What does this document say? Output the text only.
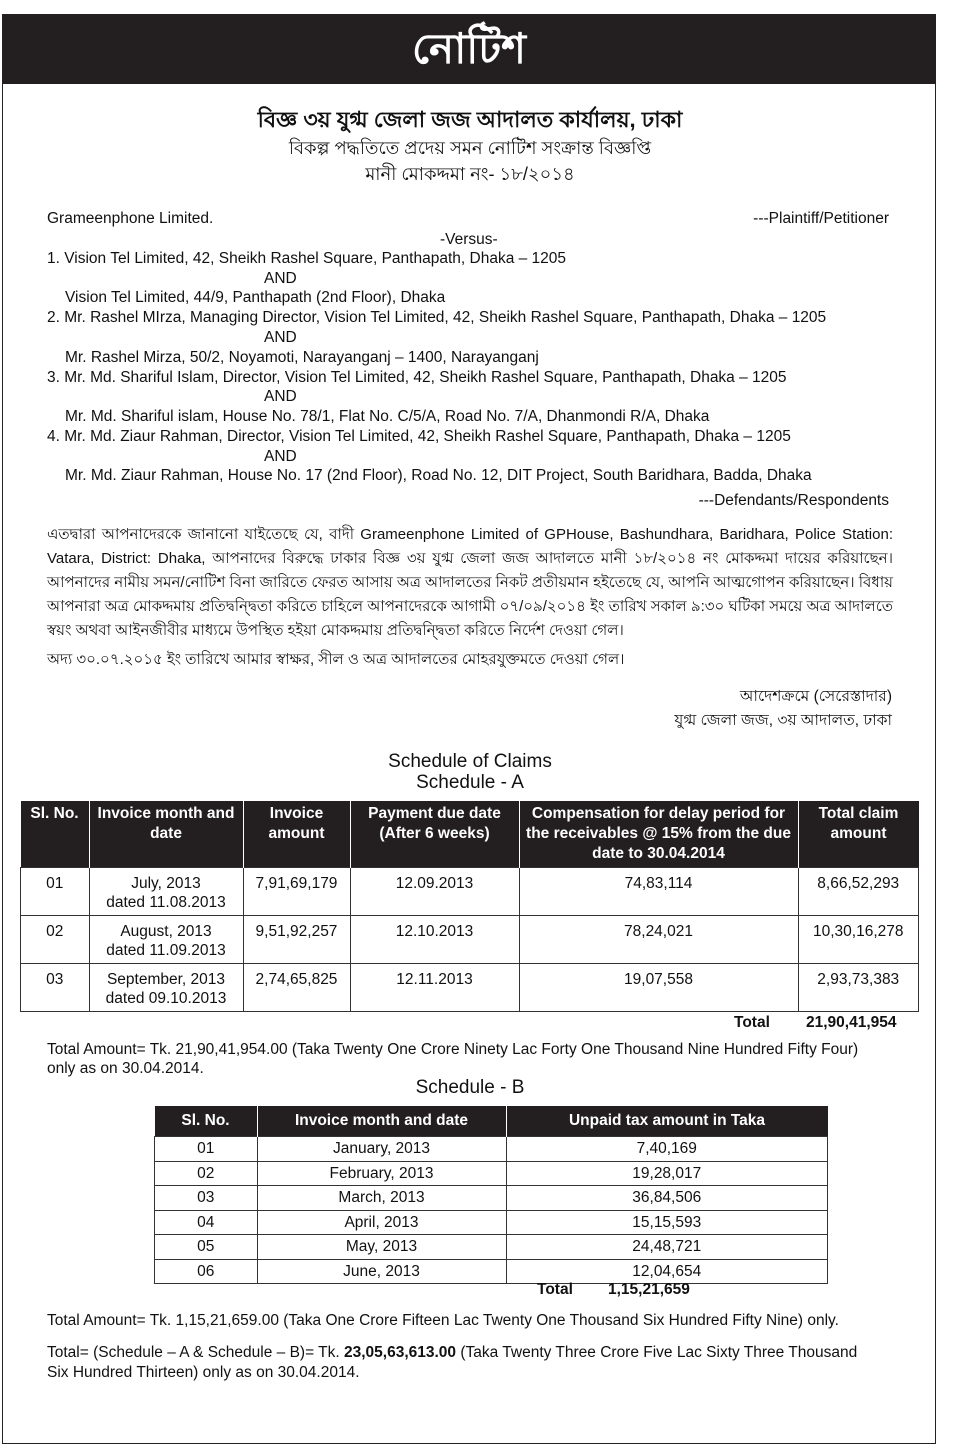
নোটিশ
বিজ্ঞ ৩য় যুগ্ম জেলা জজ আদালত কার্যালয়, ঢাকা
বিকল্প পদ্ধতিতে প্রদেয় সমন নোটিশ সংক্রান্ত বিজ্ঞপ্তি
মানী মোকদ্দমা নং- ১৮/২০১৪
Grameenphone Limited.	---Plaintiff/Petitioner
-Versus-
1. Vision Tel Limited, 42, Sheikh Rashel Square, Panthapath, Dhaka – 1205
AND
Vision Tel Limited, 44/9, Panthapath (2nd Floor), Dhaka
2. Mr. Rashel MIrza, Managing Director, Vision Tel Limited, 42, Sheikh Rashel Square, Panthapath, Dhaka – 1205
AND
Mr. Rashel Mirza, 50/2, Noyamoti, Narayanganj – 1400, Narayanganj
3. Mr. Md. Shariful Islam, Director, Vision Tel Limited, 42, Sheikh Rashel Square, Panthapath, Dhaka – 1205
AND
Mr. Md. Shariful islam, House No. 78/1, Flat No. C/5/A, Road No. 7/A, Dhanmondi R/A, Dhaka
4. Mr. Md. Ziaur Rahman, Director, Vision Tel Limited, 42, Sheikh Rashel Square, Panthapath, Dhaka – 1205
AND
Mr. Md. Ziaur Rahman, House No. 17 (2nd Floor), Road No. 12, DIT Project, South Baridhara, Badda, Dhaka
---Defendants/Respondents
এতদ্বারা আপনাদেরকে জানানো যাইতেছে যে, বাদী Grameenphone Limited of GPHouse, Bashundhara, Baridhara, Police Station: Vatara, District: Dhaka, আপনাদের বিরুদ্ধে ঢাকার বিজ্ঞ ৩য় যুগ্ম জেলা জজ আদালতে মানী ১৮/২০১৪ নং মোকদ্দমা দায়ের করিয়াছেন। আপনাদের নামীয় সমন/নোটিশ বিনা জারিতে ফেরত আসায় অত্র আদালতের নিকট প্রতীয়মান হইতেছে যে, আপনি আত্মগোপন করিয়াছেন। বিধায় আপনারা অত্র মোকদ্দমায় প্রতিদ্বন্দ্বিতা করিতে চাহিলে আপনাদেরকে আগামী ০৭/০৯/২০১৪ ইং তারিখ সকাল ৯:৩০ ঘটিকা সময়ে অত্র আদালতে স্বয়ং অথবা আইনজীবীর মাধ্যমে উপস্থিত হইয়া মোকদ্দমায় প্রতিদ্বন্দ্বিতা করিতে নির্দেশ দেওয়া গেল।
অদ্য ৩০.০৭.২০১৫ ইং তারিখে আমার স্বাক্ষর, সীল ও অত্র আদালতের মোহরযুক্তমতে দেওয়া গেল।
আদেশক্রমে (সেরেস্তাদার)
যুগ্ম জেলা জজ, ৩য় আদালত, ঢাকা
Schedule of Claims
Schedule - A
Sl. No.	Invoice month and date	Invoice amount	Payment due date (After 6 weeks)	Compensation for delay period for the receivables @ 15% from the due date to 30.04.2014	Total claim amount
01	July, 2013
dated 11.08.2013	7,91,69,179	12.09.2013	74,83,114	8,66,52,293
02	August, 2013
dated 11.09.2013	9,51,92,257	12.10.2013	78,24,021	10,30,16,278
03	September, 2013
dated 09.10.2013	2,74,65,825	12.11.2013	19,07,558	2,93,73,383
Total 21,90,41,954
Total Amount= Tk. 21,90,41,954.00 (Taka Twenty One Crore Ninety Lac Forty One Thousand Nine Hundred Fifty Four)
only as on 30.04.2014.
Schedule - B
Sl. No.	Invoice month and date	Unpaid tax amount in Taka
01	January, 2013	7,40,169
02	February, 2013	19,28,017
03	March, 2013	36,84,506
04	April, 2013	15,15,593
05	May, 2013	24,48,721
06	June, 2013	12,04,654
Total 1,15,21,659
Total Amount= Tk. 1,15,21,659.00 (Taka One Crore Fifteen Lac Twenty One Thousand Six Hundred Fifty Nine) only.
Total= (Schedule – A & Schedule – B)= Tk. 23,05,63,613.00 (Taka Twenty Three Crore Five Lac Sixty Three Thousand
Six Hundred Thirteen) only as on 30.04.2014.
